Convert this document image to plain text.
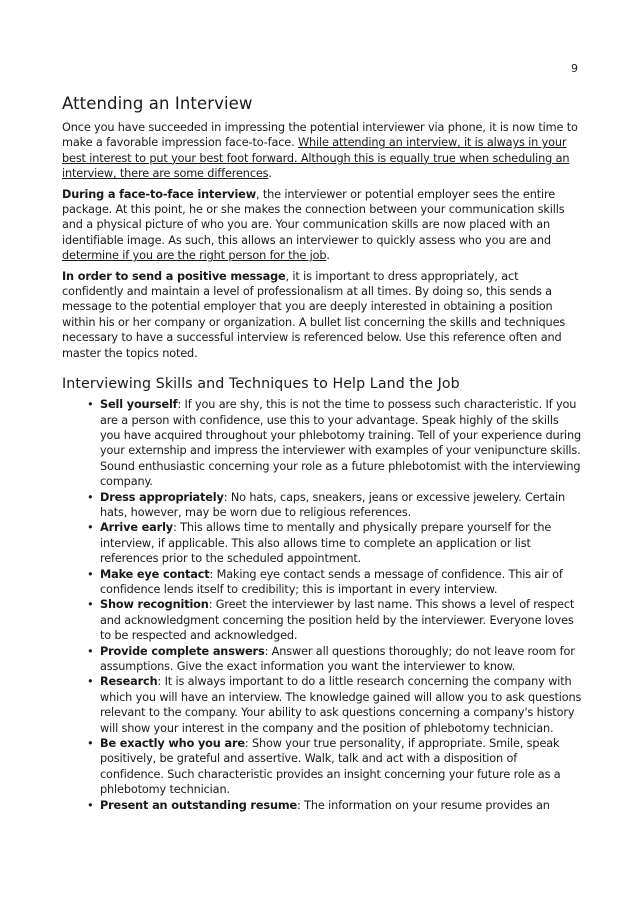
9
Attending an Interview

Once you have succeeded in impressing the potential interviewer via phone, it is now time to make a favorable impression face-to-face. While attending an interview, it is always in your best interest to put your best foot forward. Although this is equally true when scheduling an interview, there are some differences.

During a face-to-face interview, the interviewer or potential employer sees the entire package. At this point, he or she makes the connection between your communication skills and a physical picture of who you are. Your communication skills are now placed with an identifiable image. As such, this allows an interviewer to quickly assess who you are and determine if you are the right person for the job.

In order to send a positive message, it is important to dress appropriately, act confidently and maintain a level of professionalism at all times. By doing so, this sends a message to the potential employer that you are deeply interested in obtaining a position within his or her company or organization. A bullet list concerning the skills and techniques necessary to have a successful interview is referenced below. Use this reference often and master the topics noted.

Interviewing Skills and Techniques to Help Land the Job
• Sell yourself: If you are shy, this is not the time to possess such characteristic. If you are a person with confidence, use this to your advantage. Speak highly of the skills you have acquired throughout your phlebotomy training. Tell of your experience during your externship and impress the interviewer with examples of your venipuncture skills. Sound enthusiastic concerning your role as a future phlebotomist with the interviewing company.
• Dress appropriately: No hats, caps, sneakers, jeans or excessive jewelery. Certain hats, however, may be worn due to religious references.
• Arrive early: This allows time to mentally and physically prepare yourself for the interview, if applicable. This also allows time to complete an application or list references prior to the scheduled appointment.
• Make eye contact: Making eye contact sends a message of confidence. This air of confidence lends itself to credibility; this is important in every interview.
• Show recognition: Greet the interviewer by last name. This shows a level of respect and acknowledgment concerning the position held by the interviewer. Everyone loves to be respected and acknowledged.
• Provide complete answers: Answer all questions thoroughly; do not leave room for assumptions. Give the exact information you want the interviewer to know.
• Research: It is always important to do a little research concerning the company with which you will have an interview. The knowledge gained will allow you to ask questions relevant to the company. Your ability to ask questions concerning a company's history will show your interest in the company and the position of phlebotomy technician.
• Be exactly who you are: Show your true personality, if appropriate. Smile, speak positively, be grateful and assertive. Walk, talk and act with a disposition of confidence. Such characteristic provides an insight concerning your future role as a phlebotomy technician.
• Present an outstanding resume: The information on your resume provides an
